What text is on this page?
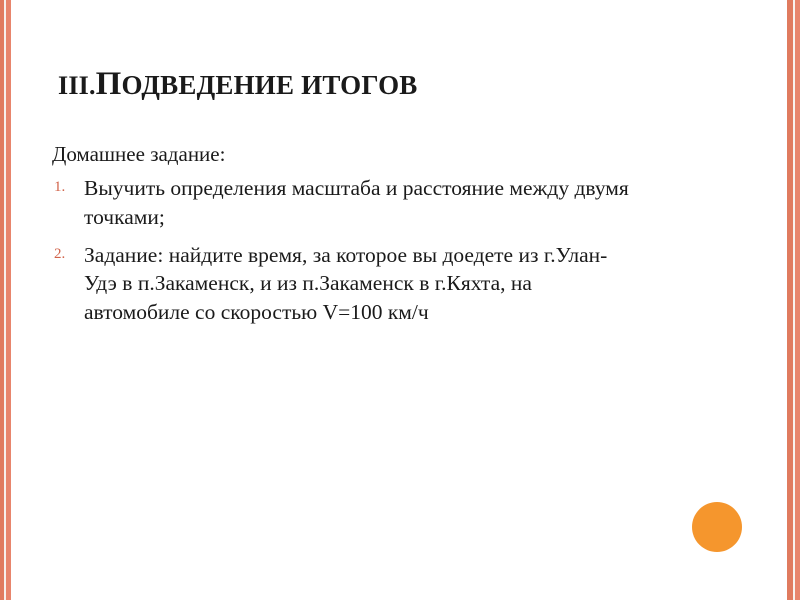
III.ПОДВЕДЕНИЕ ИТОГОВ

Домашнее задание:

1. Выучить определения масштаба и расстояние между двумя точками;
2. Задание: найдите время, за которое вы доедете из г.Улан-Удэ в п.Закаменск, и из п.Закаменск в г.Кяхта, на автомобиле со скоростью V=100 км/ч
